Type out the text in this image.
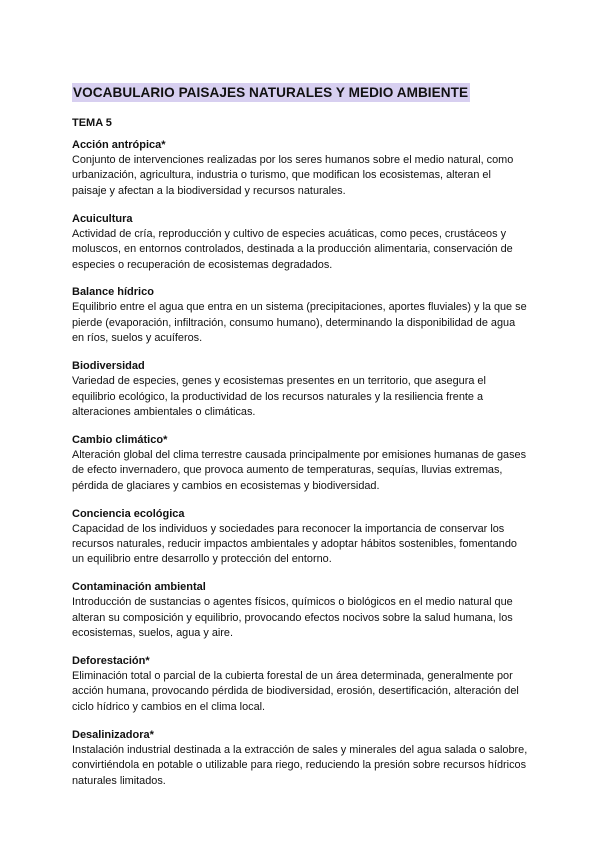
VOCABULARIO PAISAJES NATURALES Y MEDIO AMBIENTE
TEMA 5
Acción antrópica*
Conjunto de intervenciones realizadas por los seres humanos sobre el medio natural, como urbanización, agricultura, industria o turismo, que modifican los ecosistemas, alteran el paisaje y afectan a la biodiversidad y recursos naturales.
Acuicultura
Actividad de cría, reproducción y cultivo de especies acuáticas, como peces, crustáceos y moluscos, en entornos controlados, destinada a la producción alimentaria, conservación de especies o recuperación de ecosistemas degradados.
Balance hídrico
Equilibrio entre el agua que entra en un sistema (precipitaciones, aportes fluviales) y la que se pierde (evaporación, infiltración, consumo humano), determinando la disponibilidad de agua en ríos, suelos y acuíferos.
Biodiversidad
Variedad de especies, genes y ecosistemas presentes en un territorio, que asegura el equilibrio ecológico, la productividad de los recursos naturales y la resiliencia frente a alteraciones ambientales o climáticas.
Cambio climático*
Alteración global del clima terrestre causada principalmente por emisiones humanas de gases de efecto invernadero, que provoca aumento de temperaturas, sequías, lluvias extremas, pérdida de glaciares y cambios en ecosistemas y biodiversidad.
Conciencia ecológica
Capacidad de los individuos y sociedades para reconocer la importancia de conservar los recursos naturales, reducir impactos ambientales y adoptar hábitos sostenibles, fomentando un equilibrio entre desarrollo y protección del entorno.
Contaminación ambiental
Introducción de sustancias o agentes físicos, químicos o biológicos en el medio natural que alteran su composición y equilibrio, provocando efectos nocivos sobre la salud humana, los ecosistemas, suelos, agua y aire.
Deforestación*
Eliminación total o parcial de la cubierta forestal de un área determinada, generalmente por acción humana, provocando pérdida de biodiversidad, erosión, desertificación, alteración del ciclo hídrico y cambios en el clima local.
Desalinizadora*
Instalación industrial destinada a la extracción de sales y minerales del agua salada o salobre, convirtiéndola en potable o utilizable para riego, reduciendo la presión sobre recursos hídricos naturales limitados.
